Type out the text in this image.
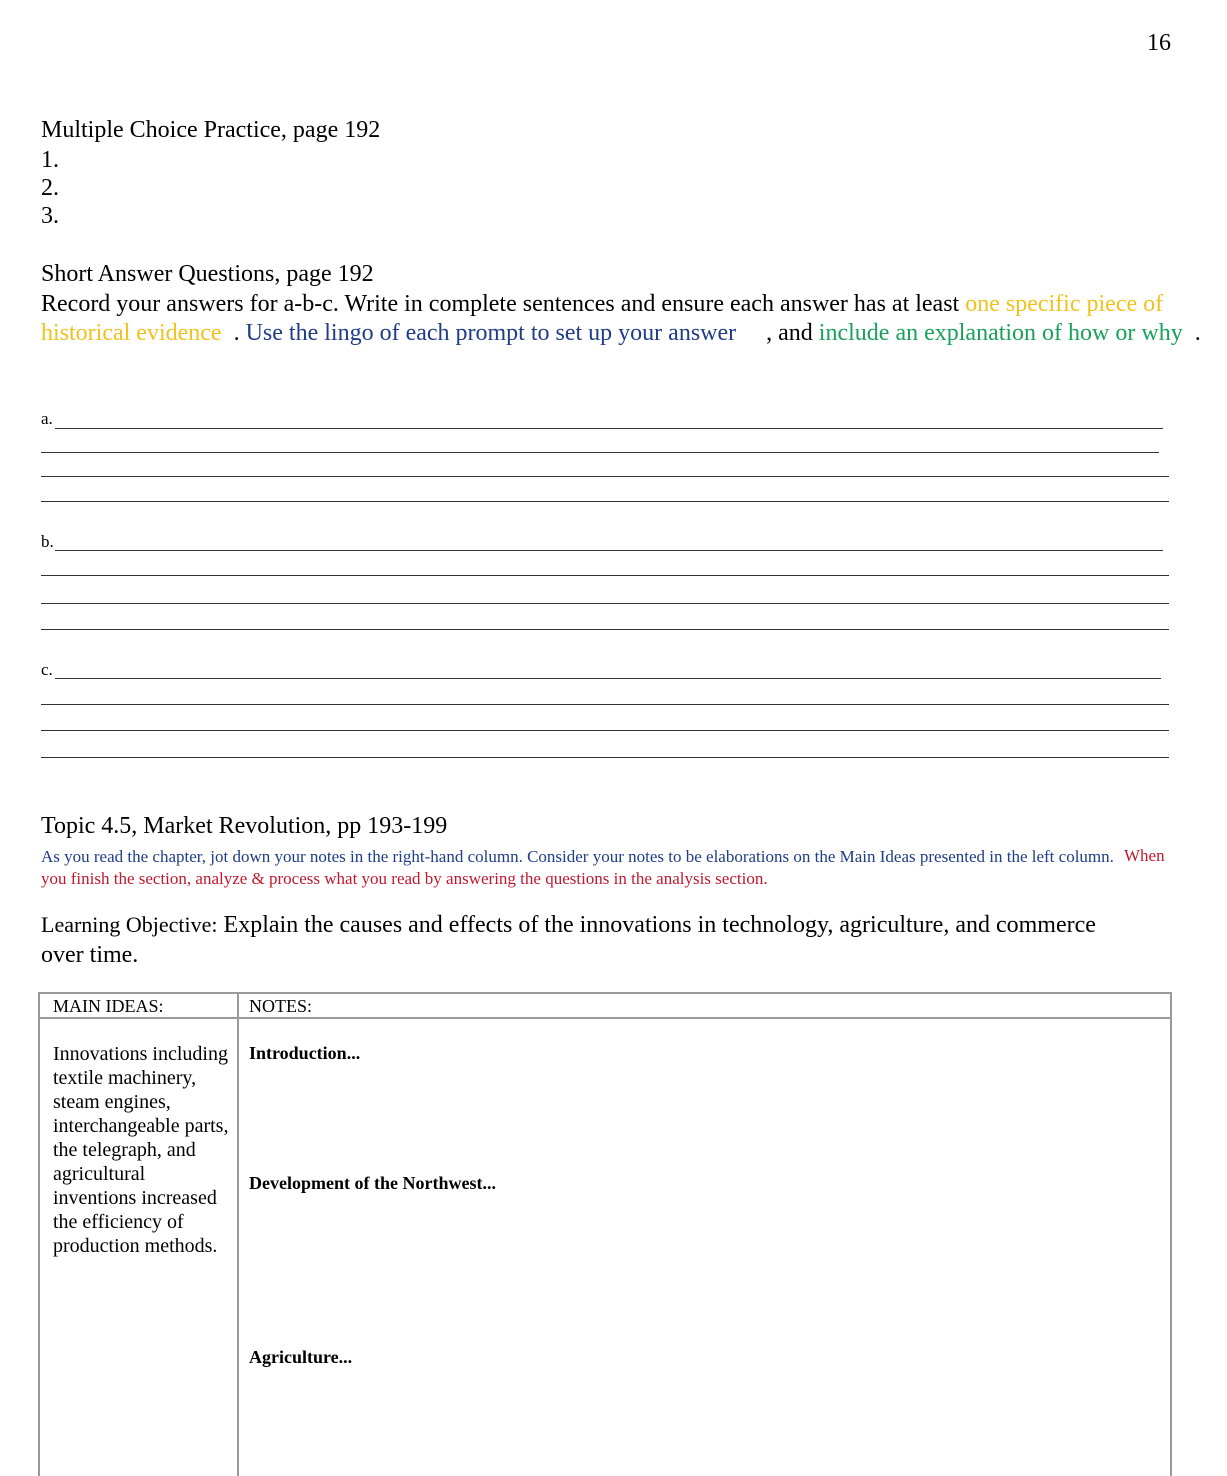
16
Multiple Choice Practice, page 192
1.
2.
3.
Short Answer Questions, page 192
Record your answers for a-b-c. Write in complete sentences and ensure each answer has at least one specific piece of historical evidence . Use the lingo of each prompt to set up your answer , and include an explanation of how or why .
a.
b.
c.
Topic 4.5, Market Revolution, pp 193-199
As you read the chapter, jot down your notes in the right-hand column. Consider your notes to be elaborations on the Main Ideas presented in the left column.
you finish the section, analyze & process what you read by answering the questions in the analysis section.
When
Learning Objective: Explain the causes and effects of the innovations in technology, agriculture, and commerce
over time.
MAIN IDEAS:	NOTES:
Innovations including textile machinery, steam engines, interchangeable parts, the telegraph, and agricultural inventions increased the efficiency of production methods.
Introduction...
Development of the Northwest...
Agriculture...
